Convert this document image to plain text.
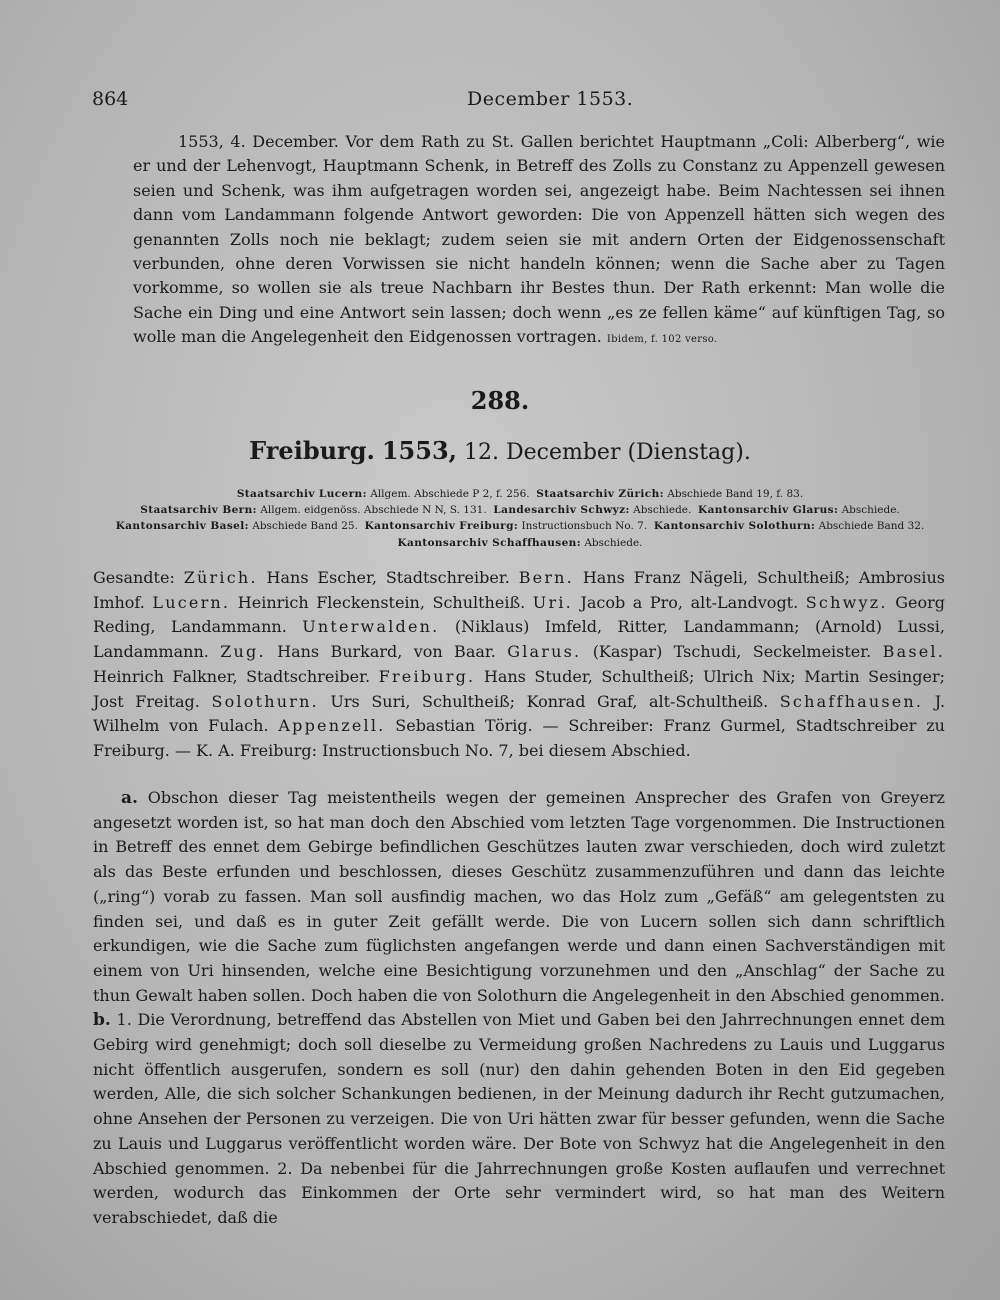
864	December 1553.

1553, 4. December. Vor dem Rath zu St. Gallen berichtet Hauptmann „Coli: Alberberg“, wie er und der Lehenvogt, Hauptmann Schenk, in Betreff des Zolls zu Constanz zu Appenzell gewesen seien und Schenk, was ihm aufgetragen worden sei, angezeigt habe. Beim Nachtessen sei ihnen dann vom Landammann folgende Antwort geworden: Die von Appenzell hätten sich wegen des genannten Zolls noch nie beklagt; zudem seien sie mit andern Orten der Eidgenossenschaft verbunden, ohne deren Vorwissen sie nicht handeln können; wenn die Sache aber zu Tagen vorkomme, so wollen sie als treue Nachbarn ihr Bestes thun. Der Rath erkennt: Man wolle die Sache ein Ding und eine Antwort sein lassen; doch wenn „es ze fellen käme“ auf künftigen Tag, so wolle man die Angelegenheit den Eidgenossen vortragen. Ibidem, f. 102 verso.

288.
Freiburg. 1553, 12. December (Dienstag).

Staatsarchiv Lucern: Allgem. Abschiede P 2, f. 256. Staatsarchiv Zürich: Abschiede Band 19, f. 83.
Staatsarchiv Bern: Allgem. eidgenöss. Abschiede N N, S. 131. Landesarchiv Schwyz: Abschiede. Kantonsarchiv Glarus: Abschiede.
Kantonsarchiv Basel: Abschiede Band 25. Kantonsarchiv Freiburg: Instructionsbuch No. 7. Kantonsarchiv Solothurn: Abschiede Band 32.
Kantonsarchiv Schaffhausen: Abschiede.

Gesandte: Zürich. Hans Escher, Stadtschreiber. Bern. Hans Franz Nägeli, Schultheiß; Ambrosius Imhof. Lucern. Heinrich Fleckenstein, Schultheiß. Uri. Jacob a Pro, alt-Landvogt. Schwyz. Georg Reding, Landammann. Unterwalden. (Niklaus) Imfeld, Ritter, Landammann; (Arnold) Lussi, Landammann. Zug. Hans Burkard, von Baar. Glarus. (Kaspar) Tschudi, Seckelmeister. Basel. Heinrich Falkner, Stadtschreiber. Freiburg. Hans Studer, Schultheiß; Ulrich Nix; Martin Sesinger; Jost Freitag. Solothurn. Urs Suri, Schultheiß; Konrad Graf, alt-Schultheiß. Schaffhausen. J. Wilhelm von Fulach. Appenzell. Sebastian Törig. — Schreiber: Franz Gurmel, Stadtschreiber zu Freiburg. — K. A. Freiburg: Instructionsbuch No. 7, bei diesem Abschied.

a. Obschon dieser Tag meistentheils wegen der gemeinen Ansprecher des Grafen von Greyerz angesetzt worden ist, so hat man doch den Abschied vom letzten Tage vorgenommen. Die Instructionen in Betreff des ennet dem Gebirge befindlichen Geschützes lauten zwar verschieden, doch wird zuletzt als das Beste erfunden und beschlossen, dieses Geschütz zusammenzuführen und dann das leichte („ring“) vorab zu fassen. Man soll ausfindig machen, wo das Holz zum „Gefäß“ am gelegentsten zu finden sei, und daß es in guter Zeit gefällt werde. Die von Lucern sollen sich dann schriftlich erkundigen, wie die Sache zum füglichsten angefangen werde und dann einen Sachverständigen mit einem von Uri hinsenden, welche eine Besichtigung vorzunehmen und den „Anschlag“ der Sache zu thun Gewalt haben sollen. Doch haben die von Solothurn die Angelegenheit in den Abschied genommen. b. 1. Die Verordnung, betreffend das Abstellen von Miet und Gaben bei den Jahrrechnungen ennet dem Gebirg wird genehmigt; doch soll dieselbe zu Vermeidung großen Nachredens zu Lauis und Luggarus nicht öffentlich ausgerufen, sondern es soll (nur) den dahin gehenden Boten in den Eid gegeben werden, Alle, die sich solcher Schankungen bedienen, in der Meinung dadurch ihr Recht gutzumachen, ohne Ansehen der Personen zu verzeigen. Die von Uri hätten zwar für besser gefunden, wenn die Sache zu Lauis und Luggarus veröffentlicht worden wäre. Der Bote von Schwyz hat die Angelegenheit in den Abschied genommen. 2. Da nebenbei für die Jahrrechnungen große Kosten auflaufen und verrechnet werden, wodurch das Einkommen der Orte sehr vermindert wird, so hat man des Weitern verabschiedet, daß die
